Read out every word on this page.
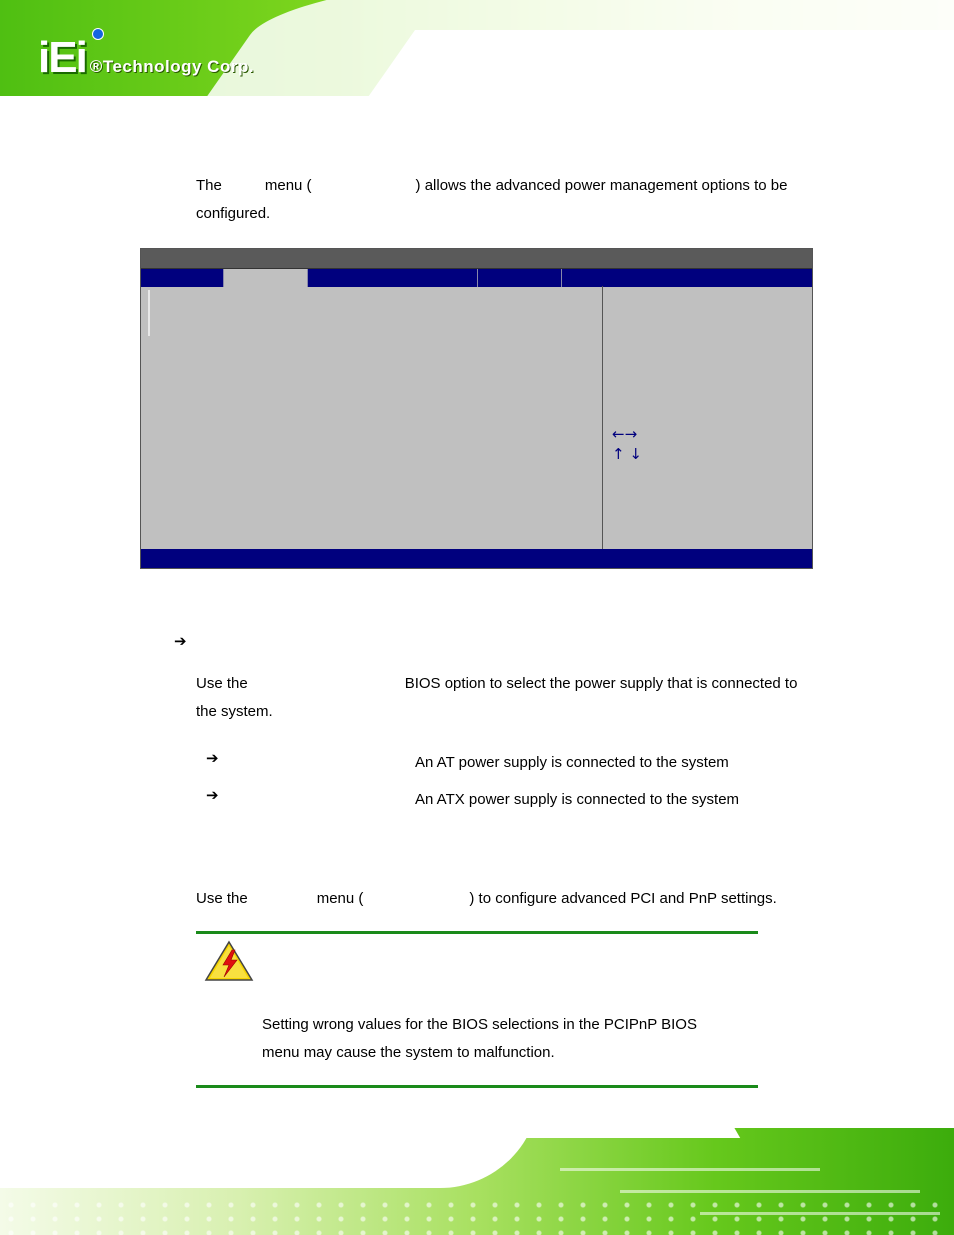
iEi ®Technology Corp.
The	menu (	) allows the advanced power management options to be
configured.
←→
↑ ↓
➔
Use the	BIOS option to select the power supply that is connected to
the system.
➔	An AT power supply is connected to the system
➔	An ATX power supply is connected to the system
Use the	menu (	) to configure advanced PCI and PnP settings.
Setting wrong values for the BIOS selections in the PCIPnP BIOS
menu may cause the system to malfunction.
